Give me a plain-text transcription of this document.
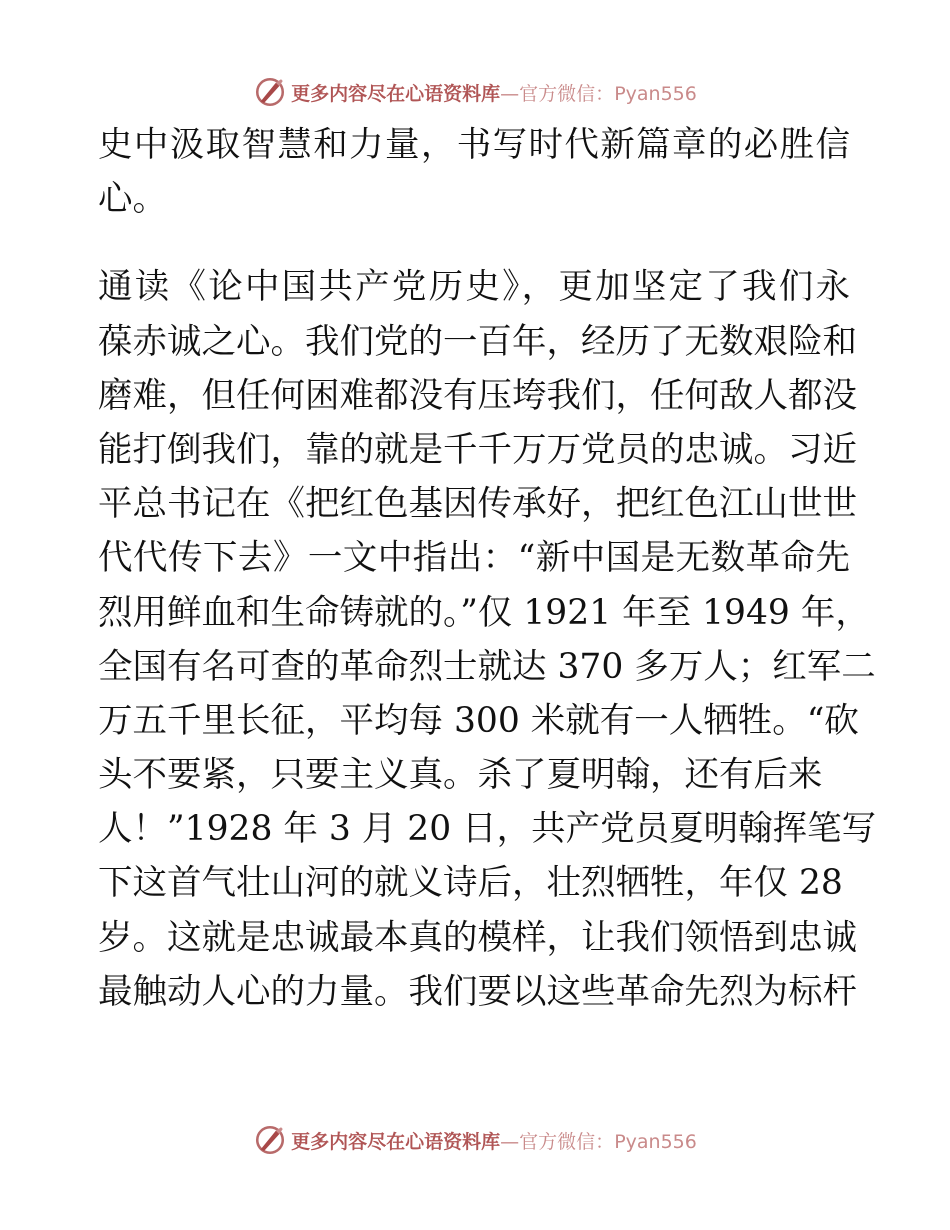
更多内容尽在心语资料库—官方微信：Pyan556
史中汲取智慧和力量，书写时代新篇章的必胜信
心。
通读《论中国共产党历史》，更加坚定了我们永
葆赤诚之心。我们党的一百年，经历了无数艰险和
磨难，但任何困难都没有压垮我们，任何敌人都没
能打倒我们，靠的就是千千万万党员的忠诚。习近
平总书记在《把红色基因传承好，把红色江山世世
代代传下去》一文中指出：“新中国是无数革命先
烈用鲜血和生命铸就的。”仅 1921 年至 1949 年，
全国有名可查的革命烈士就达 370 多万人；红军二
万五千里长征，平均每 300 米就有一人牺牲。“砍
头不要紧，只要主义真。杀了夏明翰，还有后来
人！”1928 年 3 月 20 日，共产党员夏明翰挥笔写
下这首气壮山河的就义诗后，壮烈牺牲，年仅 28
岁。这就是忠诚最本真的模样，让我们领悟到忠诚
最触动人心的力量。我们要以这些革命先烈为标杆
更多内容尽在心语资料库—官方微信：Pyan556
